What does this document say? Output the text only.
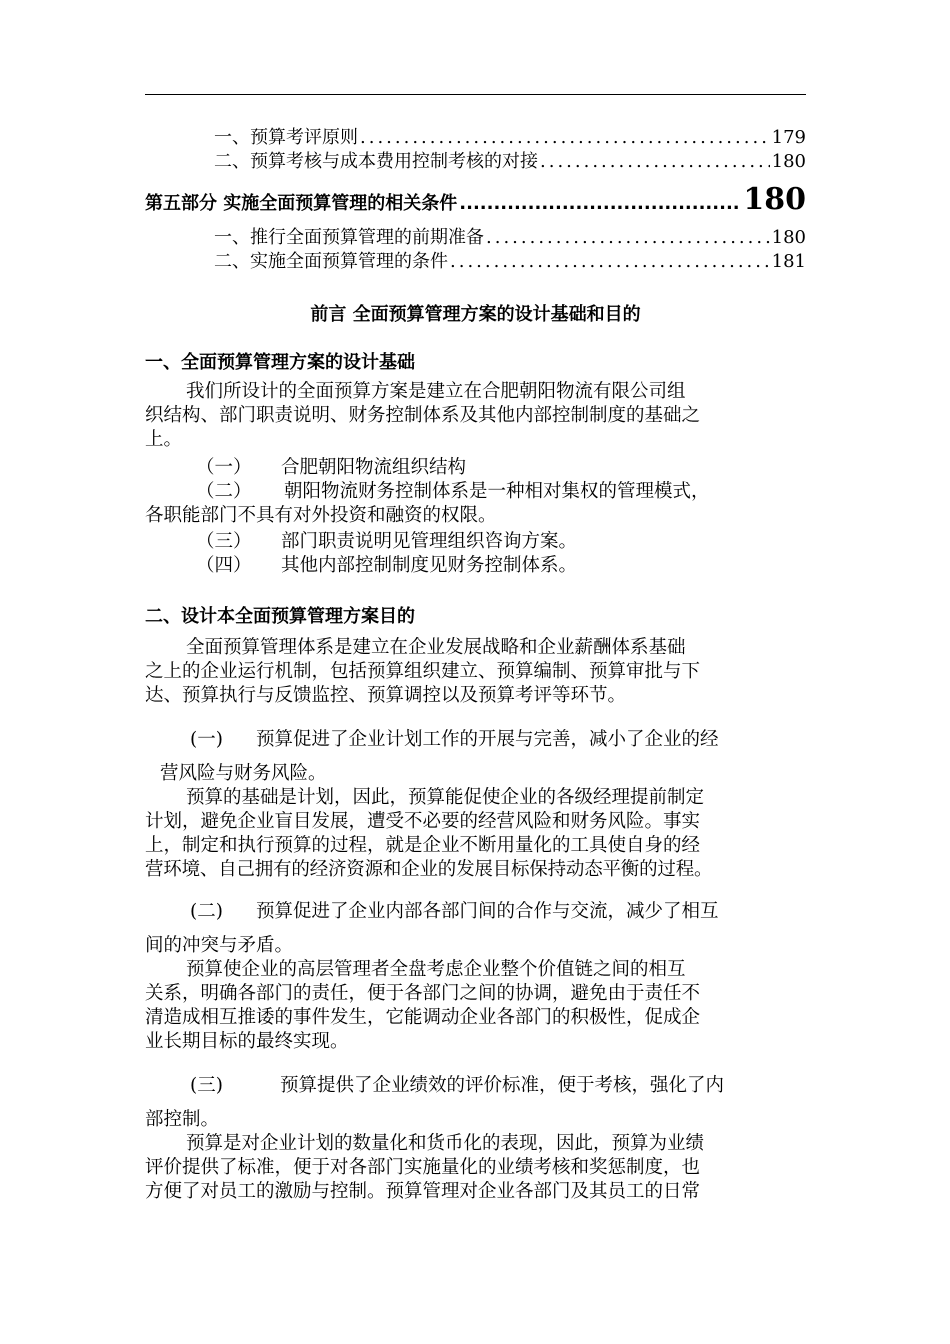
一、预算考评原则 .....	179
二、预算考核与成本费用控制考核的对接 .....	180
第五部分 实施全面预算管理的相关条件 .....	180
一、推行全面预算管理的前期准备 .....	180
二、实施全面预算管理的条件 .....	181
前言 全面预算管理方案的设计基础和目的
一、全面预算管理方案的设计基础
我们所设计的全面预算方案是建立在合肥朝阳物流有限公司组
织结构、部门职责说明、财务控制体系及其他内部控制制度的基础之
上。
（一） 合肥朝阳物流组织结构
（二） 朝阳物流财务控制体系是一种相对集权的管理模式，
各职能部门不具有对外投资和融资的权限。
（三） 部门职责说明见管理组织咨询方案。
（四） 其他内部控制制度见财务控制体系。
二、设计本全面预算管理方案目的
全面预算管理体系是建立在企业发展战略和企业薪酬体系基础
之上的企业运行机制，包括预算组织建立、预算编制、预算审批与下
达、预算执行与反馈监控、预算调控以及预算考评等环节。
(一) 预算促进了企业计划工作的开展与完善，减小了企业的经
营风险与财务风险。
预算的基础是计划，因此，预算能促使企业的各级经理提前制定
计划，避免企业盲目发展，遭受不必要的经营风险和财务风险。事实
上，制定和执行预算的过程，就是企业不断用量化的工具使自身的经
营环境、自己拥有的经济资源和企业的发展目标保持动态平衡的过程。
(二) 预算促进了企业内部各部门间的合作与交流，减少了相互
间的冲突与矛盾。
预算使企业的高层管理者全盘考虑企业整个价值链之间的相互
关系，明确各部门的责任，便于各部门之间的协调，避免由于责任不
清造成相互推诿的事件发生，它能调动企业各部门的积极性，促成企
业长期目标的最终实现。
(三)	预算提供了企业绩效的评价标准，便于考核，强化了内
部控制。
预算是对企业计划的数量化和货币化的表现，因此，预算为业绩
评价提供了标准，便于对各部门实施量化的业绩考核和奖惩制度，也
方便了对员工的激励与控制。预算管理对企业各部门及其员工的日常
